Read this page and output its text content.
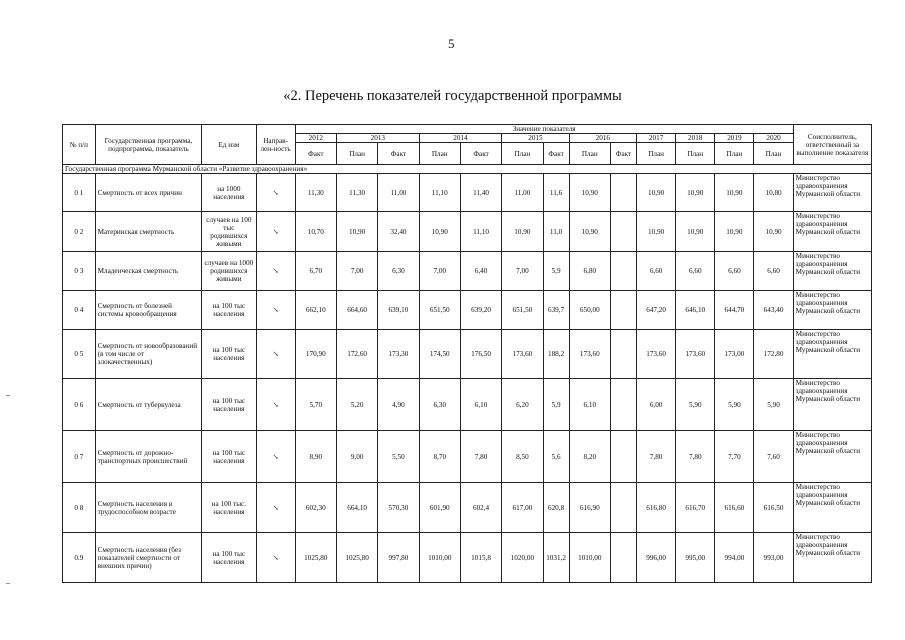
5
«2. Перечень показателей государственной программы
№ п/п	Государственная программа, подпрограмма, показатель	Ед изм	Направ-лен-ность	Значение показателя													Соисполнитель, ответственный за выполнение показателя
				2012	2013		2014		2015		2016		2017	2018	2019	2020	
				Факт	План	Факт	План	Факт	План	Факт	План	Факт	План	План	План	План	
Государственная программа Мурманской области «Развитие здравоохранения»																	
0 1	Смертность от всех причин	на 1000 населения	↘	11,30	11,30	11,00	11,10	11,40	11,00	11,6	10,90		10,90	10,90	10,90	10,80	Министерство здравоохранения Мурманской области
0 2	Материнская смертность	случаев на 100 тыс родившихся живыми	↘	10,70	10,90	32,40	10,90	11,10	10,90	11,0	10,90		10,90	10,90	10,90	10,90	Министерство здравоохранения Мурманской области
0 3	Младенческая смертность	случаев на 1000 родившихся живыми	↘	6,70	7,00	6,30	7,00	6,40	7,00	5,9	6,80		6,60	6,60	6,60	6,60	Министерство здравоохранения Мурманской области
0 4	Смертность от болезней системы кровообращения	на 100 тыс населения	↘	662,10	664,60	639,10	651,50	639,20	651,50	639,7	650,00		647,20	646,10	644,70	643,40	Министерство здравоохранения Мурманской области
0 5	Смертность от новообразований (в том числе от злокачественных)	на 100 тыс населения	↘	170,90	172,60	173,30	174,50	176,50	173,60	188,2	173,60		173,60	173,60	173,00	172,80	Министерство здравоохранения Мурманской области
0 6	Смертность от туберкулеза	на 100 тыс населения	↘	5,70	5,20	4,90	6,30	6,10	6,20	5,9	6,10		6,00	5,90	5,90	5,90	Министерство здравоохранения Мурманской области
0 7	Смертность от дорожно-транспортных происшествий	на 100 тыс населения	↘	8,90	9,00	5,50	8,70	7,80	8,50	5,6	8,20		7,80	7,80	7,70	7,60	Министерство здравоохранения Мурманской области
0 8	Смертность населения в трудоспособном возрасте	на 100 тыс. населения	↘	602,30	664,10	570,30	601,90	602,4	617,00	620,8	616,90		616,80	616,70	616,60	616,50	Министерство здравоохранения Мурманской области
0.9	Смертность населения (без показателей смертности от внешних причин)	на 100 тыс населения	↘	1025,80	1025,80	997,80	1010,00	1015,8	1020,00	1031,2	1010,00		996,00	995,00	994,00	993,00	Министерство здравоохранения Мурманской области
